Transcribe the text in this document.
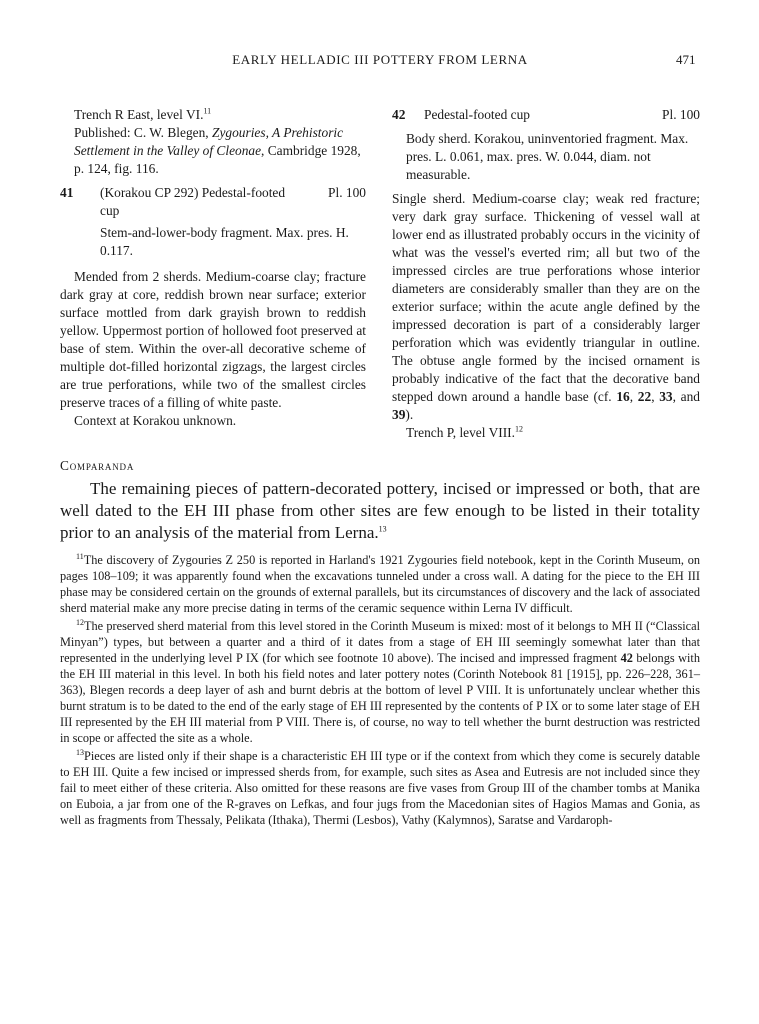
EARLY HELLADIC III POTTERY FROM LERNA	471

Trench R East, level VI.$^{11}$

Published: C. W. Blegen, Zygouries, A Prehistoric Settlement in the Valley of Cleonae, Cambridge 1928, p. 124, fig. 116.

41	(Korakou CP 292) Pedestal-footed cup
Pl. 100

Stem-and-lower-body fragment. Max. pres. H. 0.117.

Mended from 2 sherds. Medium-coarse clay; fracture dark gray at core, reddish brown near surface; exterior surface mottled from dark grayish brown to reddish yellow. Uppermost portion of hollowed foot preserved at base of stem. Within the over-all decorative scheme of multiple dot-filled horizontal zigzags, the largest circles are true perforations, while two of the smallest circles preserve traces of a filling of white paste.

Context at Korakou unknown.

42	Pedestal-footed cup	Pl. 100

Body sherd. Korakou, uninventoried fragment. Max. pres. L. 0.061, max. pres. W. 0.044, diam. not measurable.

Single sherd. Medium-coarse clay; weak red fracture; very dark gray surface. Thickening of vessel wall at lower end as illustrated probably occurs in the vicinity of what was the vessel's everted rim; all but two of the impressed circles are true perforations whose interior diameters are considerably smaller than they are on the exterior surface; within the acute angle defined by the impressed decoration is part of a considerably larger perforation which was evidently triangular in outline. The obtuse angle formed by the incised ornament is probably indicative of the fact that the decorative band stepped down around a handle base (cf. 16, 22, 33, and 39).

Trench P, level VIII.$^{12}$

Comparanda

The remaining pieces of pattern-decorated pottery, incised or impressed or both, that are well dated to the EH III phase from other sites are few enough to be listed in their totality prior to an analysis of the material from Lerna.$^{13}$

$^{11}$The discovery of Zygouries Z 250 is reported in Harland's 1921 Zygouries field notebook, kept in the Corinth Museum, on pages 108–109; it was apparently found when the excavations tunneled under a cross wall. A dating for the piece to the EH III phase may be considered certain on the grounds of external parallels, but its circumstances of discovery and the lack of associated sherd material make any more precise dating in terms of the ceramic sequence within Lerna IV difficult.

$^{12}$The preserved sherd material from this level stored in the Corinth Museum is mixed: most of it belongs to MH II (“Classical Minyan”) types, but between a quarter and a third of it dates from a stage of EH III seemingly somewhat later than that represented in the underlying level P IX (for which see footnote 10 above). The incised and impressed fragment 42 belongs with the EH III material in this level. In both his field notes and later pottery notes (Corinth Notebook 81 [1915], pp. 226–228, 361–363), Blegen records a deep layer of ash and burnt debris at the bottom of level P VIII. It is unfortunately unclear whether this burnt stratum is to be dated to the end of the early stage of EH III represented by the contents of P IX or to some later stage of EH III represented by the EH III material from P VIII. There is, of course, no way to tell whether the burnt destruction was restricted in scope or affected the site as a whole.

$^{13}$Pieces are listed only if their shape is a characteristic EH III type or if the context from which they come is securely datable to EH III. Quite a few incised or impressed sherds from, for example, such sites as Asea and Eutresis are not included since they fail to meet either of these criteria. Also omitted for these reasons are five vases from Group III of the chamber tombs at Manika on Euboia, a jar from one of the R-graves on Lefkas, and four jugs from the Macedonian sites of Hagios Mamas and Gonia, as well as fragments from Thessaly, Pelikata (Ithaka), Thermi (Lesbos), Vathy (Kalymnos), Saratse and Vardaroph-
